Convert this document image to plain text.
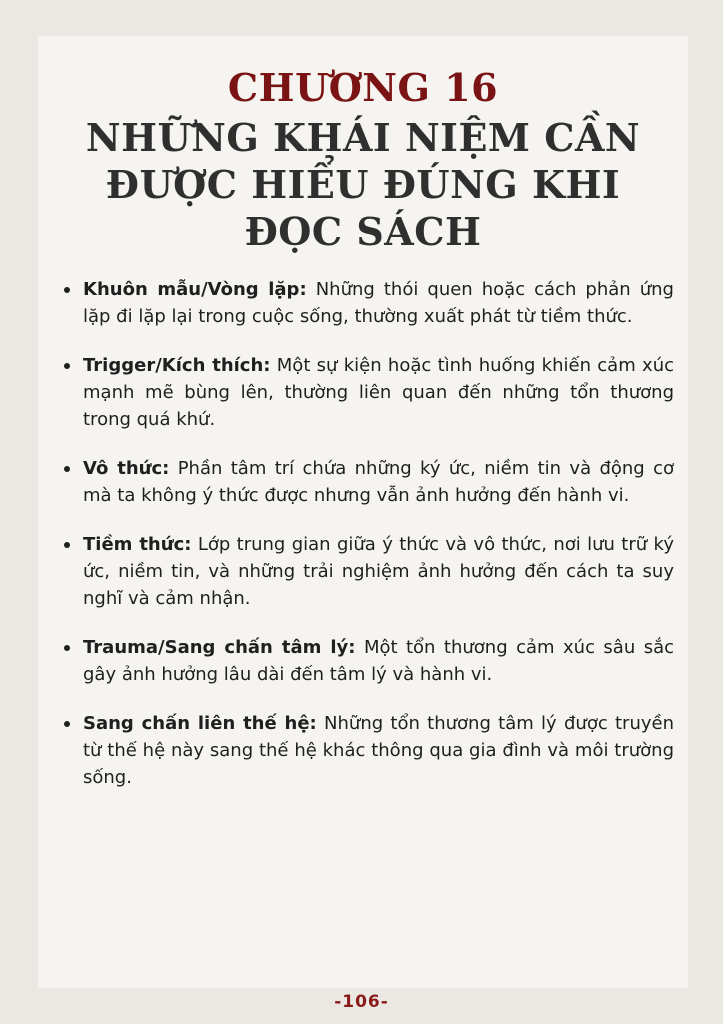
CHƯƠNG 16
NHỮNG KHÁI NIỆM CẦN ĐƯỢC HIỂU ĐÚNG KHI ĐỌC SÁCH
Khuôn mẫu/Vòng lặp: Những thói quen hoặc cách phản ứng lặp đi lặp lại trong cuộc sống, thường xuất phát từ tiềm thức.
Trigger/Kích thích: Một sự kiện hoặc tình huống khiến cảm xúc mạnh mẽ bùng lên, thường liên quan đến những tổn thương trong quá khứ.
Vô thức: Phần tâm trí chứa những ký ức, niềm tin và động cơ mà ta không ý thức được nhưng vẫn ảnh hưởng đến hành vi.
Tiềm thức: Lớp trung gian giữa ý thức và vô thức, nơi lưu trữ ký ức, niềm tin, và những trải nghiệm ảnh hưởng đến cách ta suy nghĩ và cảm nhận.
Trauma/Sang chấn tâm lý: Một tổn thương cảm xúc sâu sắc gây ảnh hưởng lâu dài đến tâm lý và hành vi.
Sang chấn liên thế hệ: Những tổn thương tâm lý được truyền từ thế hệ này sang thế hệ khác thông qua gia đình và môi trường sống.
-106-
